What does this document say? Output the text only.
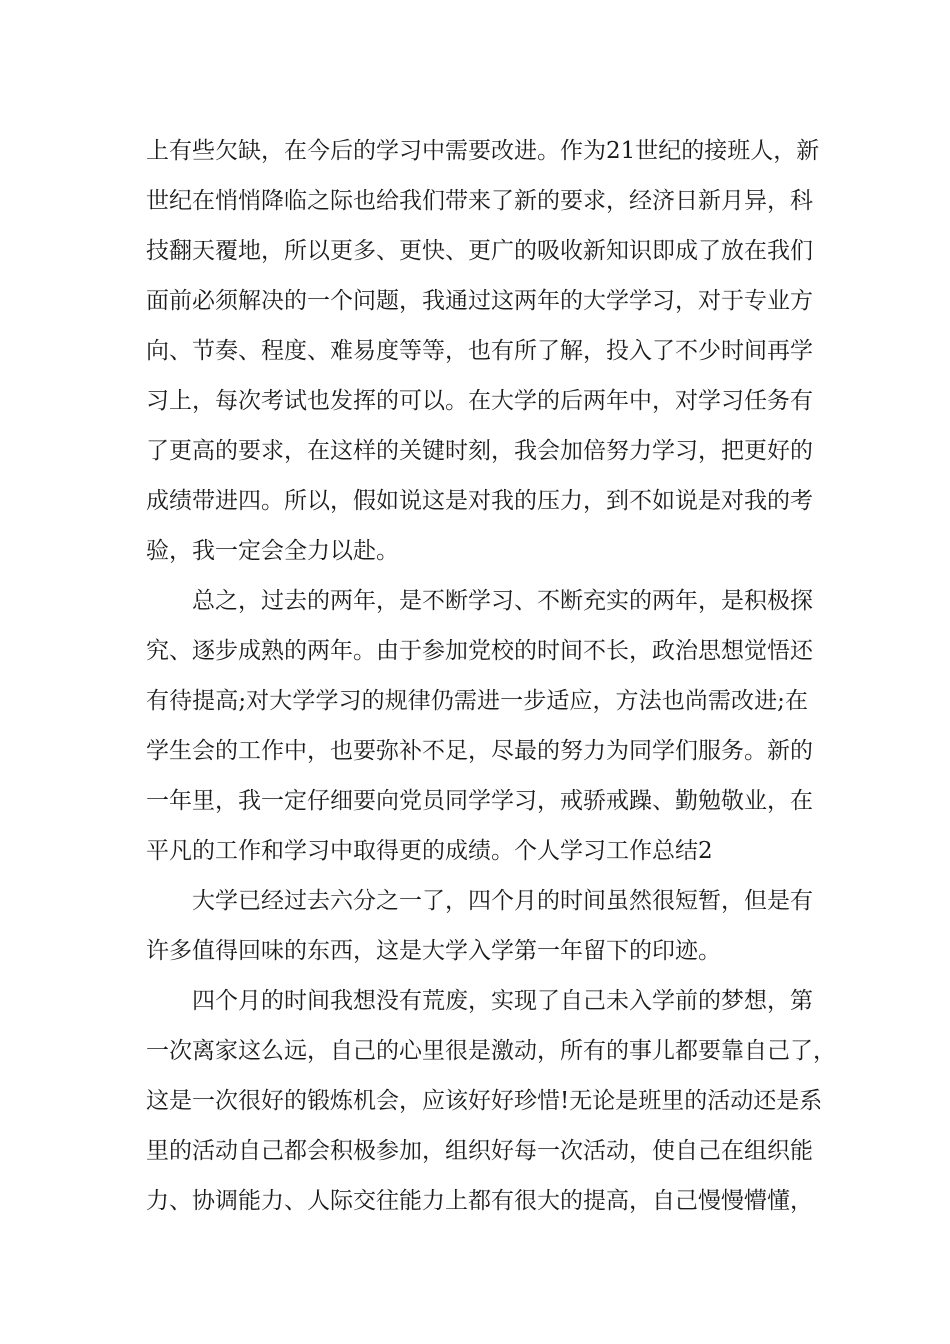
上有些欠缺，在今后的学习中需要改进。作为21世纪的接班人，新
世纪在悄悄降临之际也给我们带来了新的要求，经济日新月异，科
技翻天覆地，所以更多、更快、更广的吸收新知识即成了放在我们
面前必须解决的一个问题，我通过这两年的大学学习，对于专业方
向、节奏、程度、难易度等等，也有所了解，投入了不少时间再学
习上，每次考试也发挥的可以。在大学的后两年中，对学习任务有
了更高的要求，在这样的关键时刻，我会加倍努力学习，把更好的
成绩带进四。所以，假如说这是对我的压力，到不如说是对我的考
验，我一定会全力以赴。
总之，过去的两年，是不断学习、不断充实的两年，是积极探
究、逐步成熟的两年。由于参加党校的时间不长，政治思想觉悟还
有待提高;对大学学习的规律仍需进一步适应，方法也尚需改进;在
学生会的工作中，也要弥补不足，尽最的努力为同学们服务。新的
一年里，我一定仔细要向党员同学学习，戒骄戒躁、勤勉敬业，在
平凡的工作和学习中取得更的成绩。个人学习工作总结2
大学已经过去六分之一了，四个月的时间虽然很短暂，但是有
许多值得回味的东西，这是大学入学第一年留下的印迹。
四个月的时间我想没有荒废，实现了自己未入学前的梦想，第
一次离家这么远，自己的心里很是激动，所有的事儿都要靠自己了，
这是一次很好的锻炼机会，应该好好珍惜!无论是班里的活动还是系
里的活动自己都会积极参加，组织好每一次活动，使自己在组织能
力、协调能力、人际交往能力上都有很大的提高，自己慢慢懵懂，
